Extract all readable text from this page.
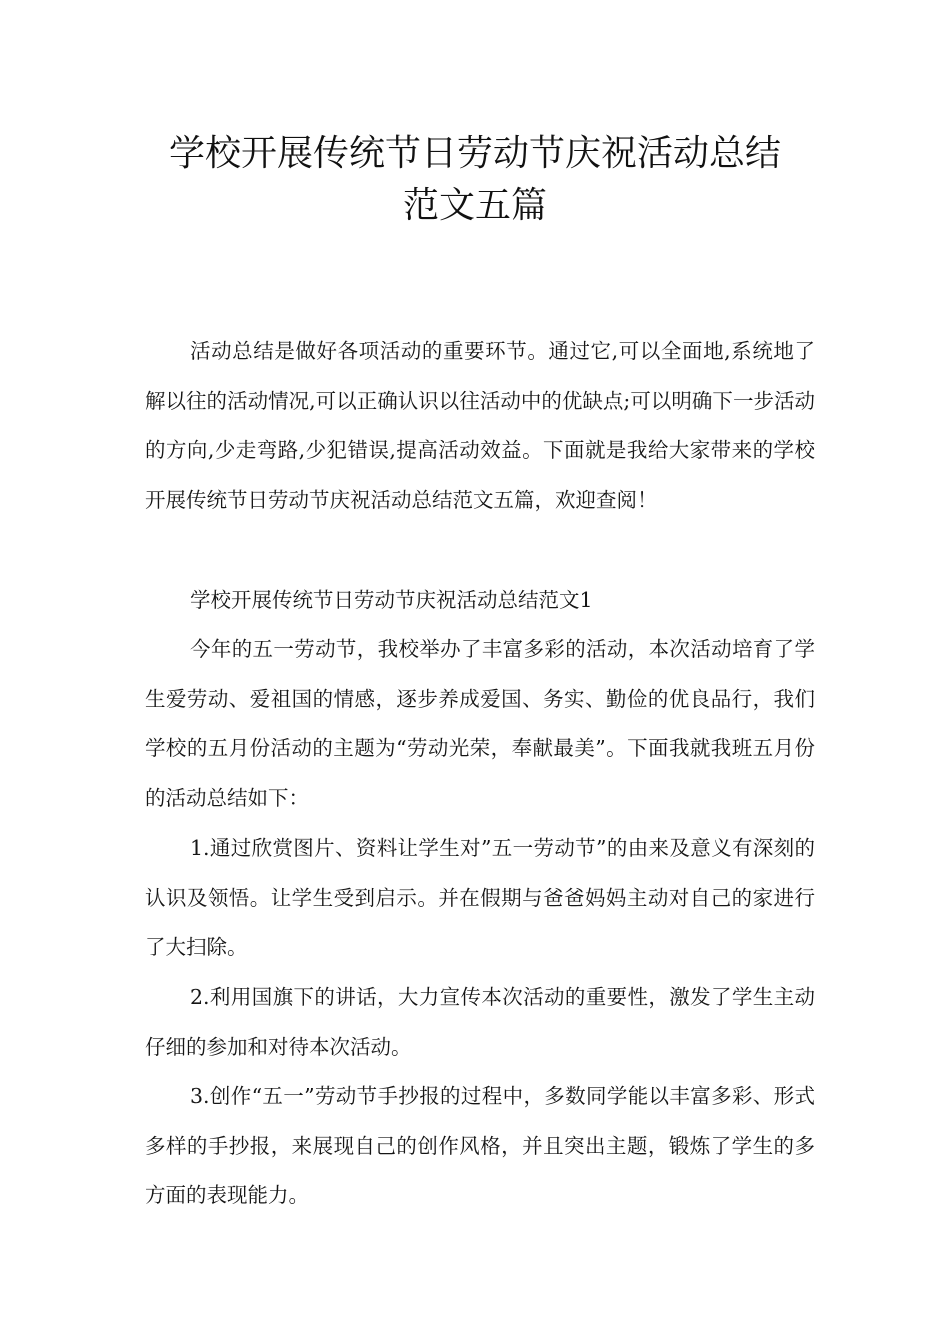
学校开展传统节日劳动节庆祝活动总结
范文五篇

活动总结是做好各项活动的重要环节。通过它,可以全面地,系统地了解以往的活动情况,可以正确认识以往活动中的优缺点;可以明确下一步活动的方向,少走弯路,少犯错误,提高活动效益。下面就是我给大家带来的学校开展传统节日劳动节庆祝活动总结范文五篇，欢迎查阅！

学校开展传统节日劳动节庆祝活动总结范文1

今年的五一劳动节，我校举办了丰富多彩的活动，本次活动培育了学生爱劳动、爱祖国的情感，逐步养成爱国、务实、勤俭的优良品行，我们学校的五月份活动的主题为“劳动光荣，奉献最美”。下面我就我班五月份的活动总结如下：

1.通过欣赏图片、资料让学生对”五一劳动节”的由来及意义有深刻的认识及领悟。让学生受到启示。并在假期与爸爸妈妈主动对自己的家进行了大扫除。

2.利用国旗下的讲话，大力宣传本次活动的重要性，激发了学生主动仔细的参加和对待本次活动。

3.创作“五一”劳动节手抄报的过程中，多数同学能以丰富多彩、形式多样的手抄报，来展现自己的创作风格，并且突出主题，锻炼了学生的多方面的表现能力。
